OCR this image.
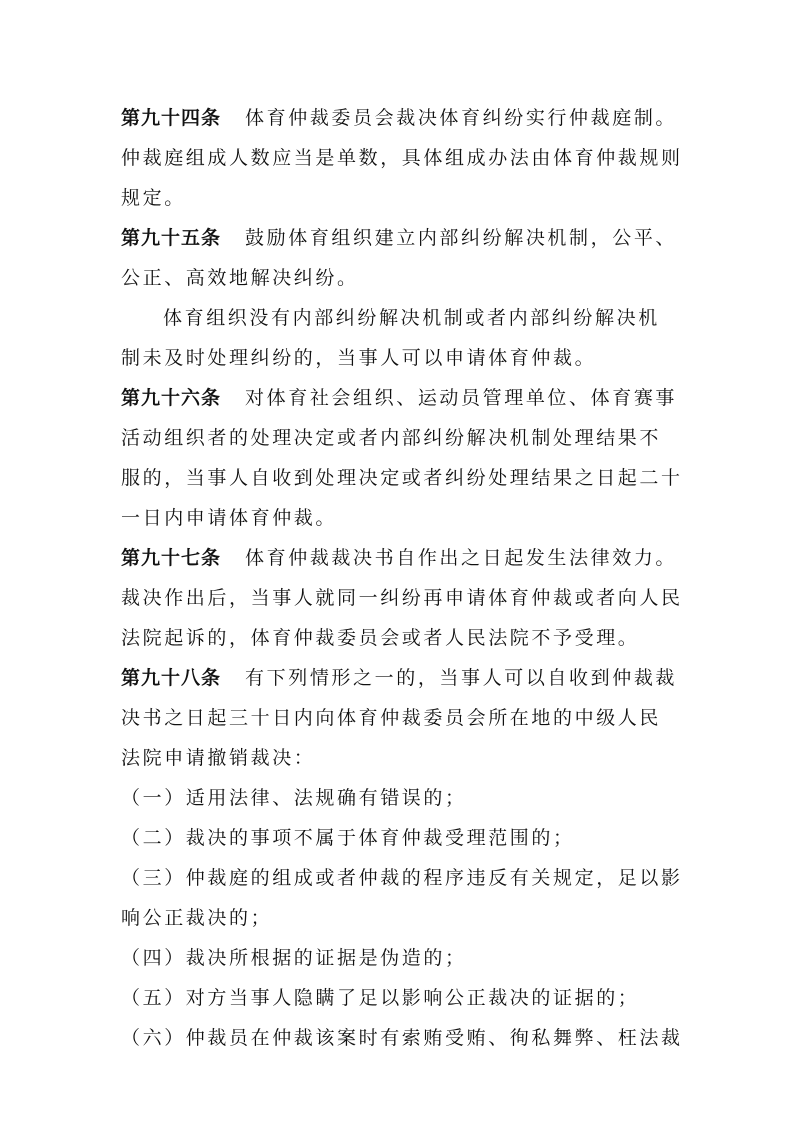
第九十四条 体育仲裁委员会裁决体育纠纷实行仲裁庭制。
仲裁庭组成人数应当是单数，具体组成办法由体育仲裁规则
规定。
第九十五条 鼓励体育组织建立内部纠纷解决机制，公平、
公正、高效地解决纠纷。
体育组织没有内部纠纷解决机制或者内部纠纷解决机
制未及时处理纠纷的，当事人可以申请体育仲裁。
第九十六条 对体育社会组织、运动员管理单位、体育赛事
活动组织者的处理决定或者内部纠纷解决机制处理结果不
服的，当事人自收到处理决定或者纠纷处理结果之日起二十
一日内申请体育仲裁。
第九十七条 体育仲裁裁决书自作出之日起发生法律效力。
裁决作出后，当事人就同一纠纷再申请体育仲裁或者向人民
法院起诉的，体育仲裁委员会或者人民法院不予受理。
第九十八条 有下列情形之一的，当事人可以自收到仲裁裁
决书之日起三十日内向体育仲裁委员会所在地的中级人民
法院申请撤销裁决：
（一）适用法律、法规确有错误的；
（二）裁决的事项不属于体育仲裁受理范围的；
（三）仲裁庭的组成或者仲裁的程序违反有关规定，足以影
响公正裁决的；
（四）裁决所根据的证据是伪造的；
（五）对方当事人隐瞒了足以影响公正裁决的证据的；
（六）仲裁员在仲裁该案时有索贿受贿、徇私舞弊、枉法裁
